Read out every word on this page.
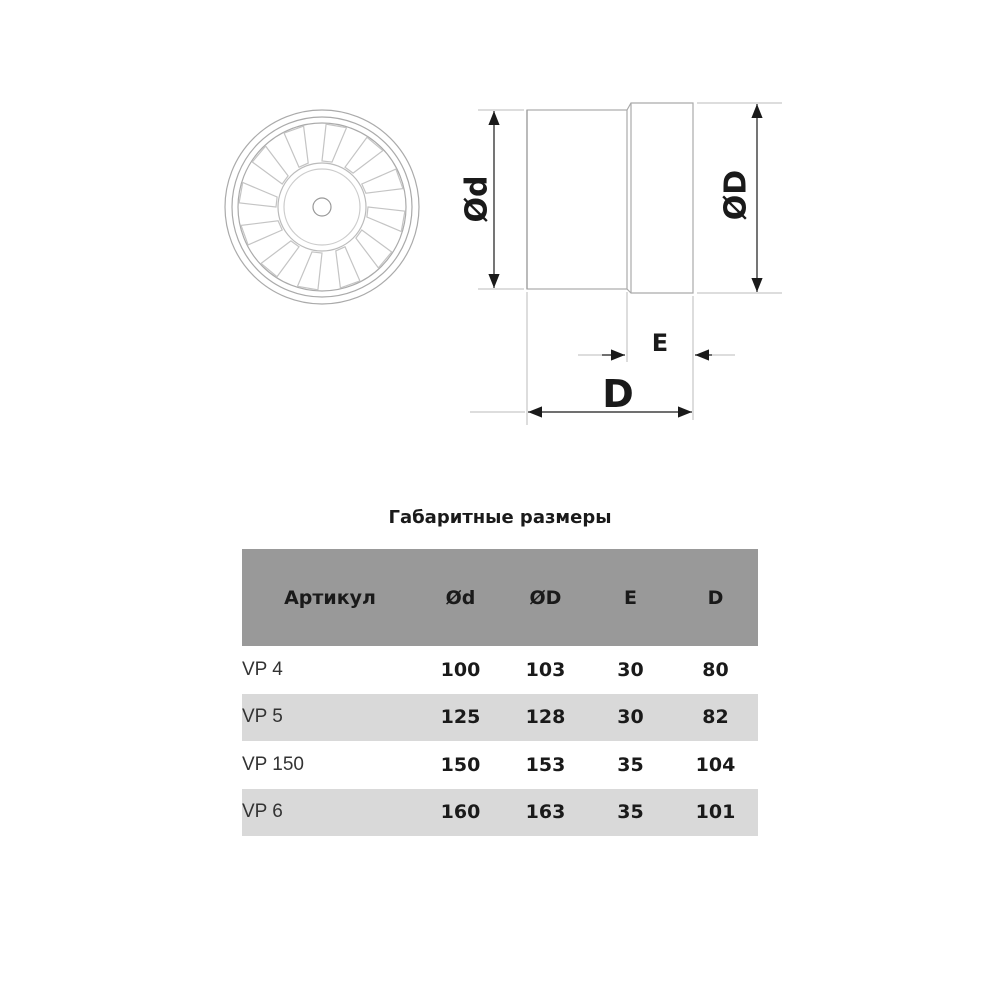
Ød	ØD
E
D
Габаритные размеры
Артикул	Ød	ØD	E	D
VP 4	100	103	30	80
VP 5	125	128	30	82
VP 150	150	153	35	104
VP 6	160	163	35	101
